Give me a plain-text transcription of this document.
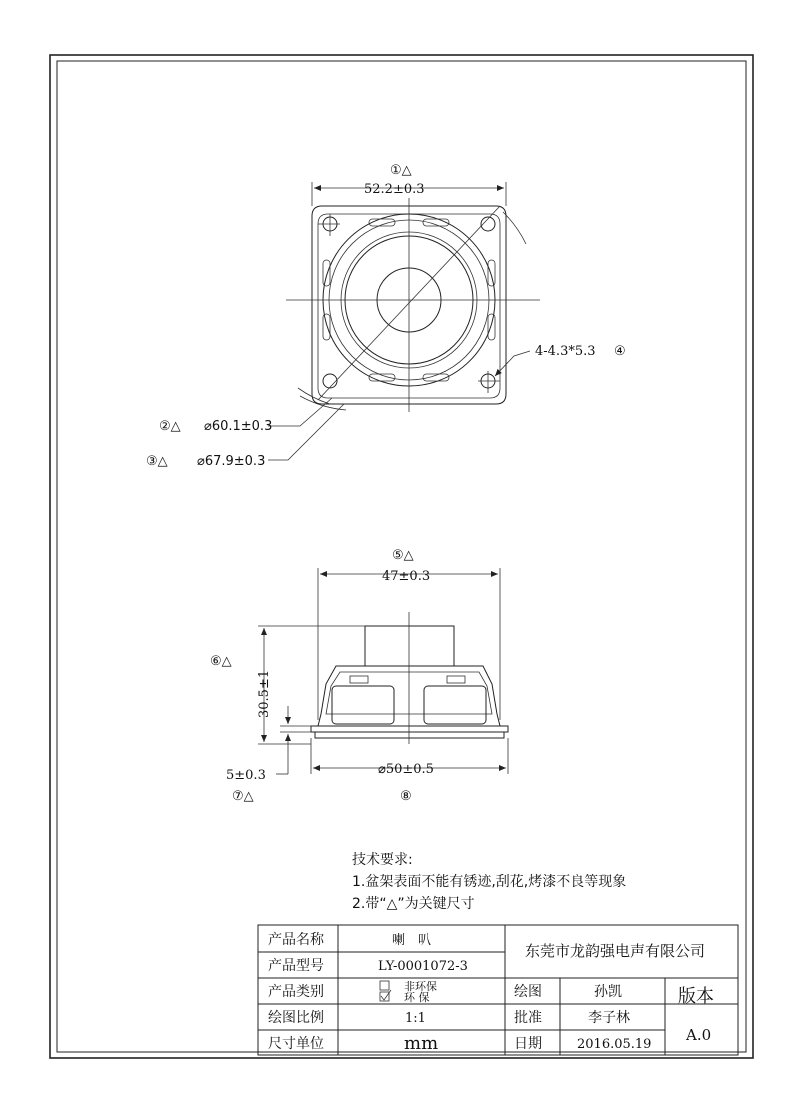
①△
52.2±0.3
②△ ⌀60.1±0.3
③△ ⌀67.9±0.3
4-4.3*5.3 ④
⑤△
47±0.3
⑥△
30.5±1
5±0.3
⑦△
⌀50±0.5
⑧
技术要求:
1.盆架表面不能有锈迹,刮花,烤漆不良等现象
2.带“△”为关键尺寸
产品名称	喇　叭
产品型号	LY-0001072-3
产品类别	非环保
环 保
绘图比例	1:1
尺寸单位	mm
东莞市龙韵强电声有限公司
绘图	孙凯
批准	李子林
日期	2016.05.19
版本
A.0
